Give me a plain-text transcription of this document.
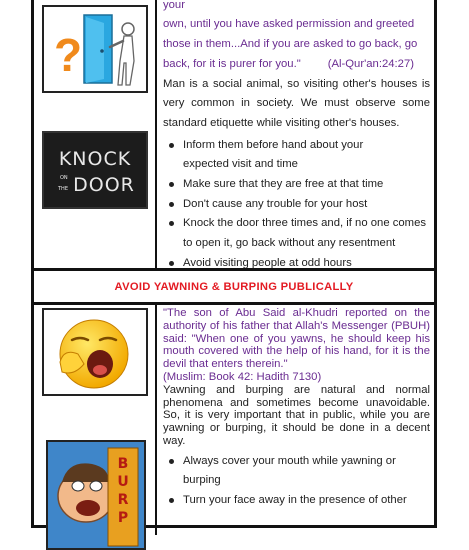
?
KNOCK
ON
THE DOOR
your
own, until you have asked permission and greeted
those in them...And if you are asked to go back, go
back, for it is purer for you." (Al-Qur'an:24:27)
Man is a social animal, so visiting other's houses is very common in society. We must observe some standard etiquette while visiting other's houses.
Inform them before hand about your expected visit and time
Make sure that they are free at that time
Don't cause any trouble for your host
Knock the door three times and, if no one comes to open it, go back without any resentment
Avoid visiting people at odd hours
AVOID YAWNING & BURPING PUBLICALLY
B
U
R
P
"The son of Abu Said al-Khudri reported on the authority of his father that Allah's Messenger (PBUH) said: "When one of you yawns, he should keep his mouth covered with the help of his hand, for it is the devil that enters therein."
(Muslim: Book 42: Hadith 7130)
Yawning and burping are natural and normal phenomena and sometimes become unavoidable. So, it is very important that in public, while you are yawning or burping, it should be done in a decent way.
Always cover your mouth while yawning or burping
Turn your face away in the presence of other
